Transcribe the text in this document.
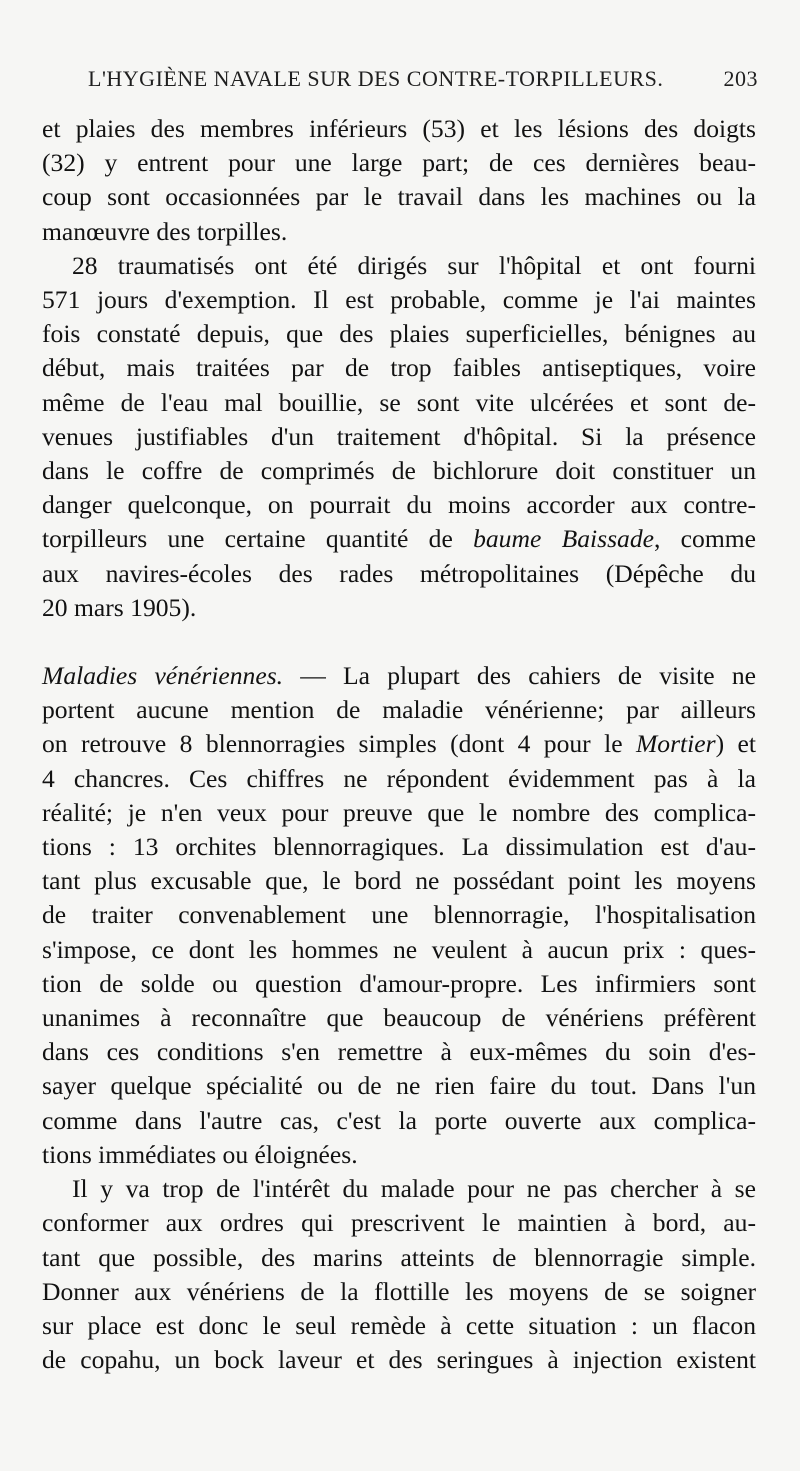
L'HYGIÈNE NAVALE SUR DES CONTRE-TORPILLEURS.	203

et plaies des membres inférieurs (53) et les lésions des doigts
(32) y entrent pour une large part; de ces dernières beau-
coup sont occasionnées par le travail dans les machines ou la
manœuvre des torpilles.

28 traumatisés ont été dirigés sur l'hôpital et ont fourni
571 jours d'exemption. Il est probable, comme je l'ai maintes
fois constaté depuis, que des plaies superficielles, bénignes au
début, mais traitées par de trop faibles antiseptiques, voire
même de l'eau mal bouillie, se sont vite ulcérées et sont de-
venues justifiables d'un traitement d'hôpital. Si la présence
dans le coffre de comprimés de bichlorure doit constituer un
danger quelconque, on pourrait du moins accorder aux contre-
torpilleurs une certaine quantité de baume Baissade, comme
aux navires-écoles des rades métropolitaines (Dépêche du
20 mars 1905).

Maladies vénériennes. — La plupart des cahiers de visite ne
portent aucune mention de maladie vénérienne; par ailleurs
on retrouve 8 blennorragies simples (dont 4 pour le Mortier) et
4 chancres. Ces chiffres ne répondent évidemment pas à la
réalité; je n'en veux pour preuve que le nombre des complica-
tions : 13 orchites blennorragiques. La dissimulation est d'au-
tant plus excusable que, le bord ne possédant point les moyens
de traiter convenablement une blennorragie, l'hospitalisation
s'impose, ce dont les hommes ne veulent à aucun prix : ques-
tion de solde ou question d'amour-propre. Les infirmiers sont
unanimes à reconnaître que beaucoup de vénériens préfèrent
dans ces conditions s'en remettre à eux-mêmes du soin d'es-
sayer quelque spécialité ou de ne rien faire du tout. Dans l'un
comme dans l'autre cas, c'est la porte ouverte aux complica-
tions immédiates ou éloignées.

Il y va trop de l'intérêt du malade pour ne pas chercher à se
conformer aux ordres qui prescrivent le maintien à bord, au-
tant que possible, des marins atteints de blennorragie simple.
Donner aux vénériens de la flottille les moyens de se soigner
sur place est donc le seul remède à cette situation : un flacon
de copahu, un bock laveur et des seringues à injection existent
